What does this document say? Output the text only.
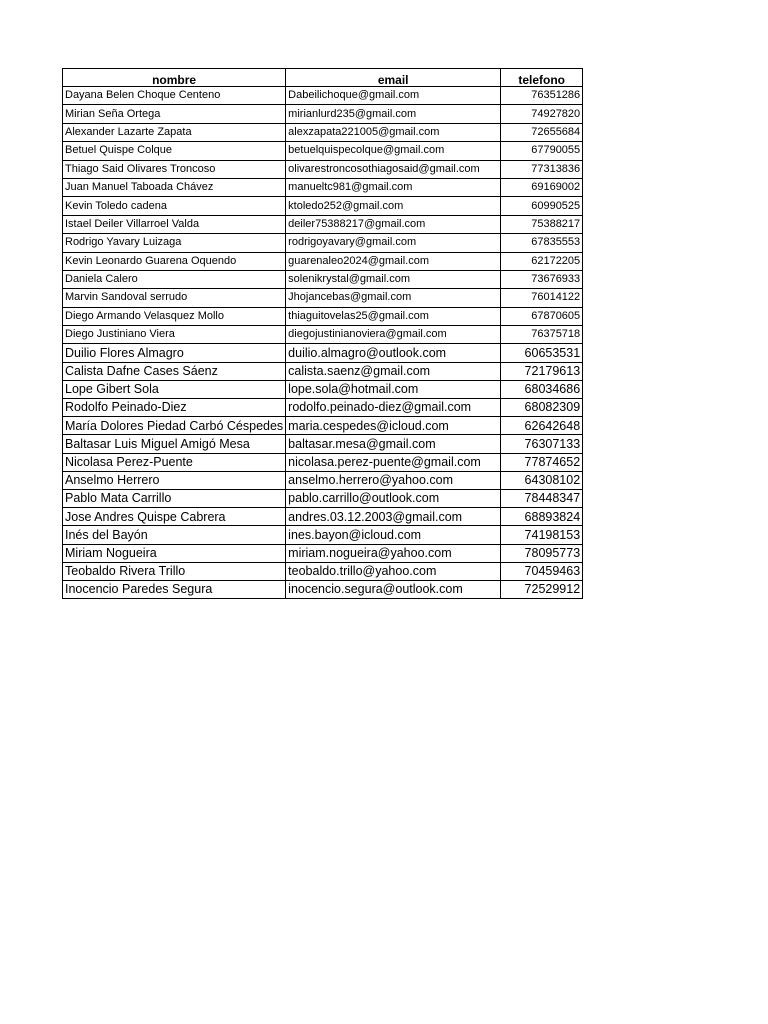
nombre	email	telefono
Dayana Belen Choque Centeno	Dabeilichoque@gmail.com	76351286
Mirian Seña Ortega	mirianlurd235@gmail.com	74927820
Alexander Lazarte Zapata	alexzapata221005@gmail.com	72655684
Betuel Quispe Colque	betuelquispecolque@gmail.com	67790055
Thiago Said Olivares Troncoso	olivarestroncosothiagosaid@gmail.com	77313836
Juan Manuel Taboada Chávez	manueltc981@gmail.com	69169002
Kevin Toledo cadena	ktoledo252@gmail.com	60990525
Istael Deiler Villarroel Valda	deiler75388217@gmail.com	75388217
Rodrigo Yavary Luizaga	rodrigoyavary@gmail.com	67835553
Kevin Leonardo Guarena Oquendo	guarenaleo2024@gmail.com	62172205
Daniela Calero	solenikrystal@gmail.com	73676933
Marvin Sandoval serrudo	Jhojancebas@gmail.com	76014122
Diego Armando Velasquez Mollo	thiaguitovelas25@gmail.com	67870605
Diego Justiniano Viera	diegojustinianoviera@gmail.com	76375718
Duilio Flores Almagro	duilio.almagro@outlook.com	60653531
Calista Dafne Cases Sáenz	calista.saenz@gmail.com	72179613
Lope Gibert Sola	lope.sola@hotmail.com	68034686
Rodolfo Peinado-Diez	rodolfo.peinado-diez@gmail.com	68082309
María Dolores Piedad Carbó Céspedes	maria.cespedes@icloud.com	62642648
Baltasar Luis Miguel Amigó Mesa	baltasar.mesa@gmail.com	76307133
Nicolasa Perez-Puente	nicolasa.perez-puente@gmail.com	77874652
Anselmo Herrero	anselmo.herrero@yahoo.com	64308102
Pablo Mata Carrillo	pablo.carrillo@outlook.com	78448347
Jose Andres Quispe Cabrera	andres.03.12.2003@gmail.com	68893824
Inés del Bayón	ines.bayon@icloud.com	74198153
Miriam Nogueira	miriam.nogueira@yahoo.com	78095773
Teobaldo Rivera Trillo	teobaldo.trillo@yahoo.com	70459463
Inocencio Paredes Segura	inocencio.segura@outlook.com	72529912
